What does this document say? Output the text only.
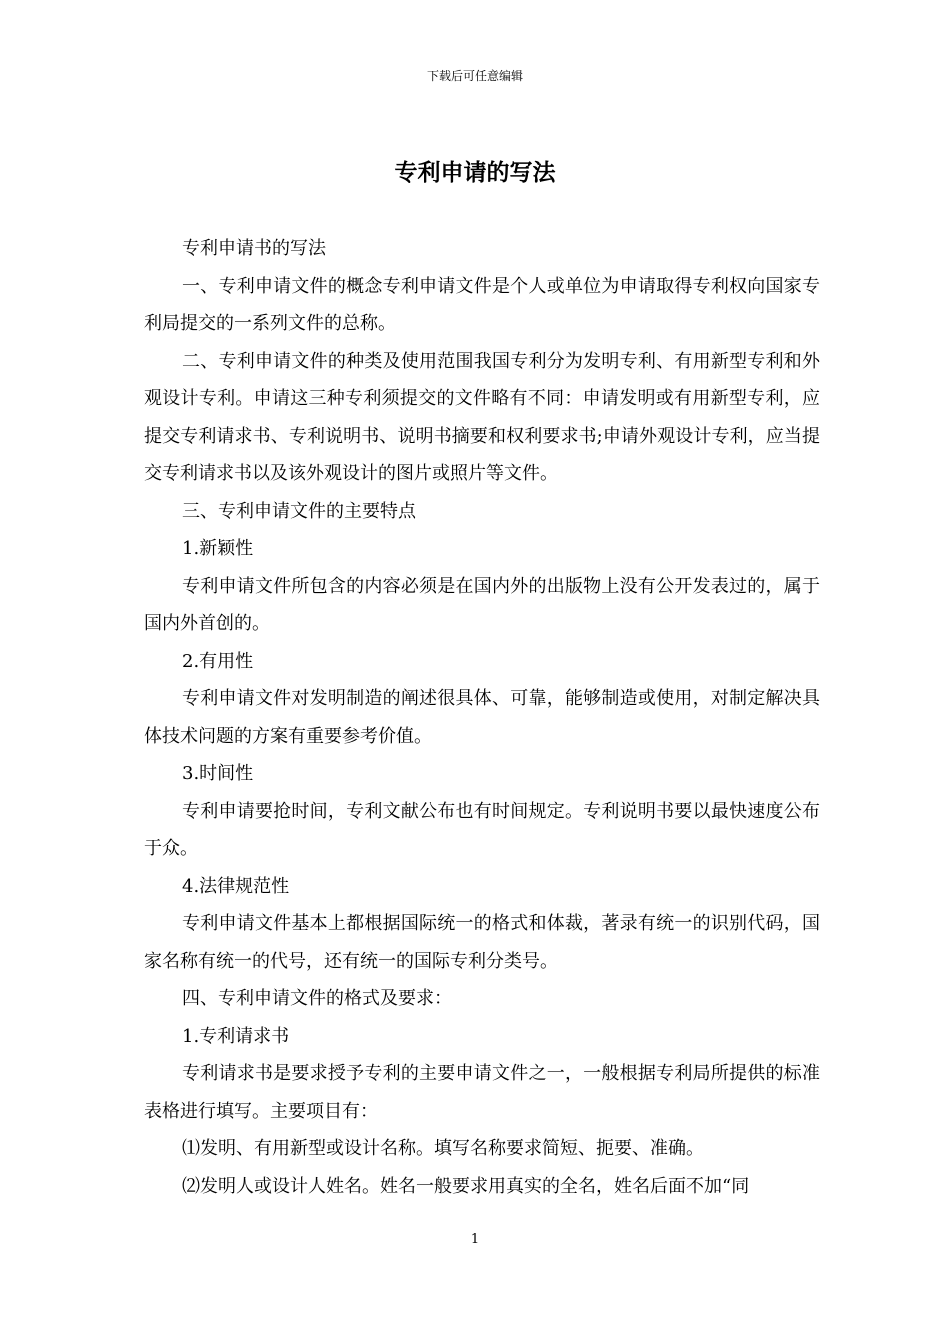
下载后可任意编辑
专利申请的写法

专利申请书的写法

一、专利申请文件的概念专利申请文件是个人或单位为申请取得专利权向国家专利局提交的一系列文件的总称。

二、专利申请文件的种类及使用范围我国专利分为发明专利、有用新型专利和外观设计专利。申请这三种专利须提交的文件略有不同：申请发明或有用新型专利，应提交专利请求书、专利说明书、说明书摘要和权利要求书;申请外观设计专利，应当提交专利请求书以及该外观设计的图片或照片等文件。

三、专利申请文件的主要特点

1.新颖性

专利申请文件所包含的内容必须是在国内外的出版物上没有公开发表过的，属于国内外首创的。

2.有用性

专利申请文件对发明制造的阐述很具体、可靠，能够制造或使用，对制定解决具体技术问题的方案有重要参考价值。

3.时间性

专利申请要抢时间，专利文献公布也有时间规定。专利说明书要以最快速度公布于众。

4.法律规范性

专利申请文件基本上都根据国际统一的格式和体裁，著录有统一的识别代码，国家名称有统一的代号，还有统一的国际专利分类号。

四、专利申请文件的格式及要求：

1.专利请求书

专利请求书是要求授予专利的主要申请文件之一，一般根据专利局所提供的标准表格进行填写。主要项目有：

⑴发明、有用新型或设计名称。填写名称要求简短、扼要、准确。

⑵发明人或设计人姓名。姓名一般要求用真实的全名，姓名后面不加“同

1
